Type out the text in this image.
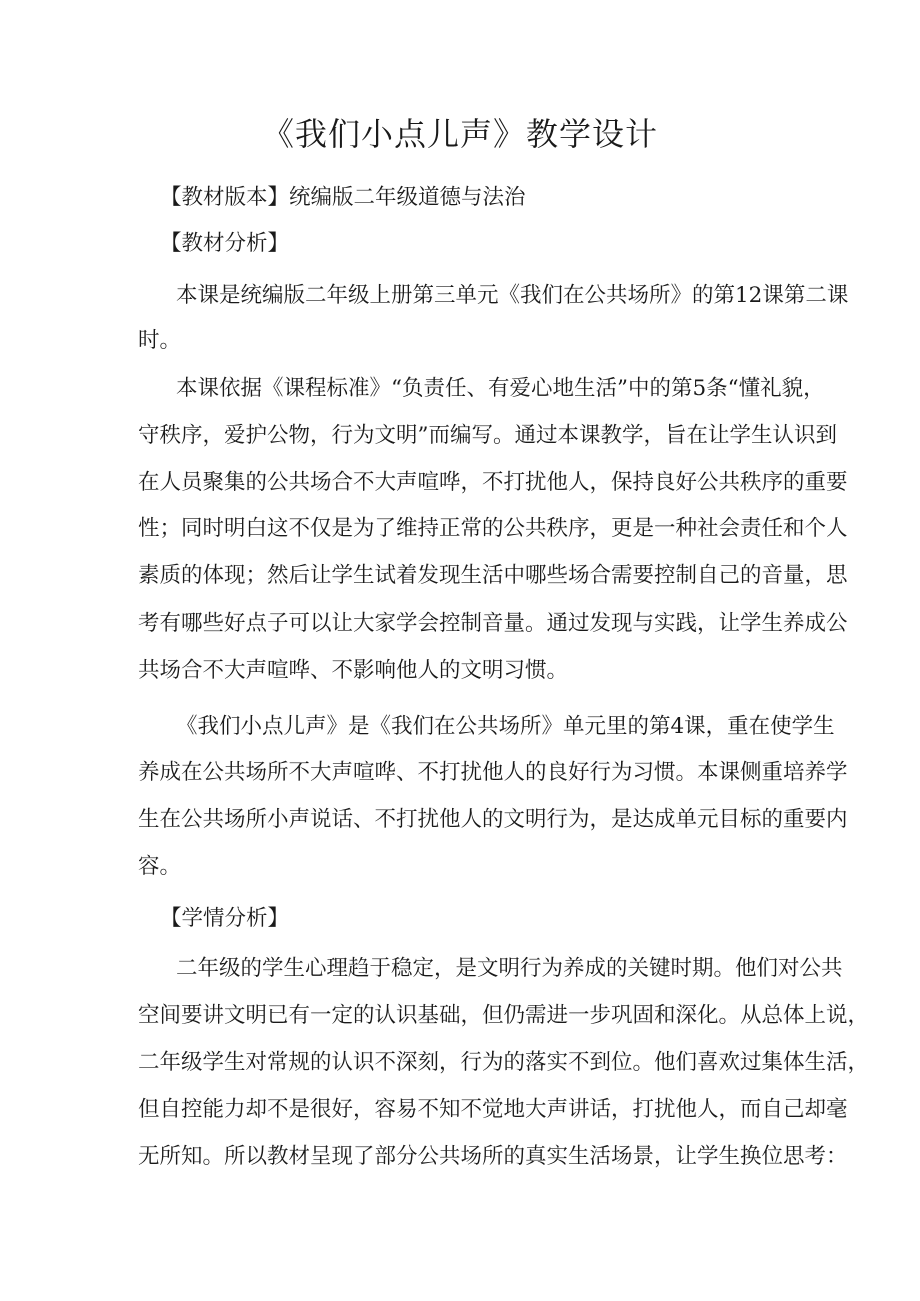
《我们小点儿声》教学设计

【教材版本】统编版二年级道德与法治

【教材分析】

本课是统编版二年级上册第三单元《我们在公共场所》的第12课第二课

时。

本课依据《课程标准》“负责任、有爱心地生活”中的第5条“懂礼貌，

守秩序，爱护公物，行为文明”而编写。通过本课教学，旨在让学生认识到

在人员聚集的公共场合不大声喧哗，不打扰他人，保持良好公共秩序的重要

性；同时明白这不仅是为了维持正常的公共秩序，更是一种社会责任和个人

素质的体现；然后让学生试着发现生活中哪些场合需要控制自己的音量，思

考有哪些好点子可以让大家学会控制音量。通过发现与实践，让学生养成公

共场合不大声喧哗、不影响他人的文明习惯。

《我们小点儿声》是《我们在公共场所》单元里的第4课，重在使学生

养成在公共场所不大声喧哗、不打扰他人的良好行为习惯。本课侧重培养学

生在公共场所小声说话、不打扰他人的文明行为，是达成单元目标的重要内

容。

【学情分析】

二年级的学生心理趋于稳定，是文明行为养成的关键时期。他们对公共

空间要讲文明已有一定的认识基础，但仍需进一步巩固和深化。从总体上说，

二年级学生对常规的认识不深刻，行为的落实不到位。他们喜欢过集体生活，

但自控能力却不是很好，容易不知不觉地大声讲话，打扰他人，而自己却毫

无所知。所以教材呈现了部分公共场所的真实生活场景，让学生换位思考：
